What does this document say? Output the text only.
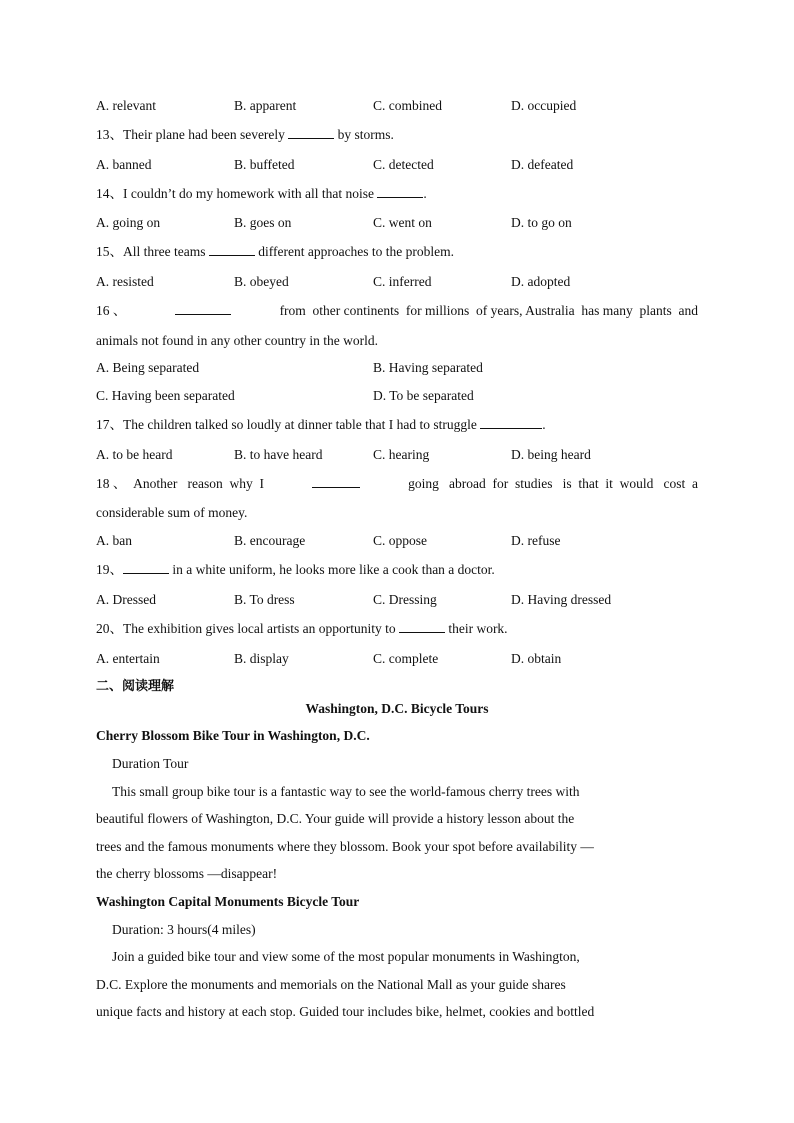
A. relevant	B. apparent	C. combined	D. occupied
13、Their plane had been severely	by storms.
A. banned	B. buffeted	C. detected	D. defeated
14、I couldn’t do my homework with all that noise	.
A. going on	B. goes on	C. went on	D. to go on
15、All three teams	different approaches to the problem.
A. resisted	B. obeyed	C. inferred	D. adopted
16 、	from  other continents  for millions  of years, Australia  has many  plants  and
animals not found in any other country in the world.
A. Being separated	B. Having separated
C. Having been separated	D. To be separated
17、The children talked so loudly at dinner table that I had to struggle	.
A. to be heard	B. to have heard	C. hearing	D. being heard
18 、  Another   reason  why  I	going   abroad  for  studies   is  that  it  would   cost  a
considerable sum of money.
A. ban	B. encourage	C. oppose	D. refuse
19、	in a white uniform, he looks more like a cook than a doctor.
A. Dressed	B. To dress	C. Dressing	D. Having dressed
20、The exhibition gives local artists an opportunity to	their work.
A. entertain	B. display	C. complete	D. obtain
二、阅读理解
Washington, D.C. Bicycle Tours
Cherry Blossom Bike Tour in Washington, D.C.
Duration Tour
This small group bike tour is a fantastic way to see the world-famous cherry trees with
beautiful flowers of Washington, D.C. Your guide will provide a history lesson about the
trees and the famous monuments where they blossom. Book your spot before availability —
the cherry blossoms —disappear!
Washington Capital Monuments Bicycle Tour
Duration: 3 hours(4 miles)
Join a guided bike tour and view some of the most popular monuments in Washington,
D.C. Explore the monuments and memorials on the National Mall as your guide shares
unique facts and history at each stop. Guided tour includes bike, helmet, cookies and bottled
